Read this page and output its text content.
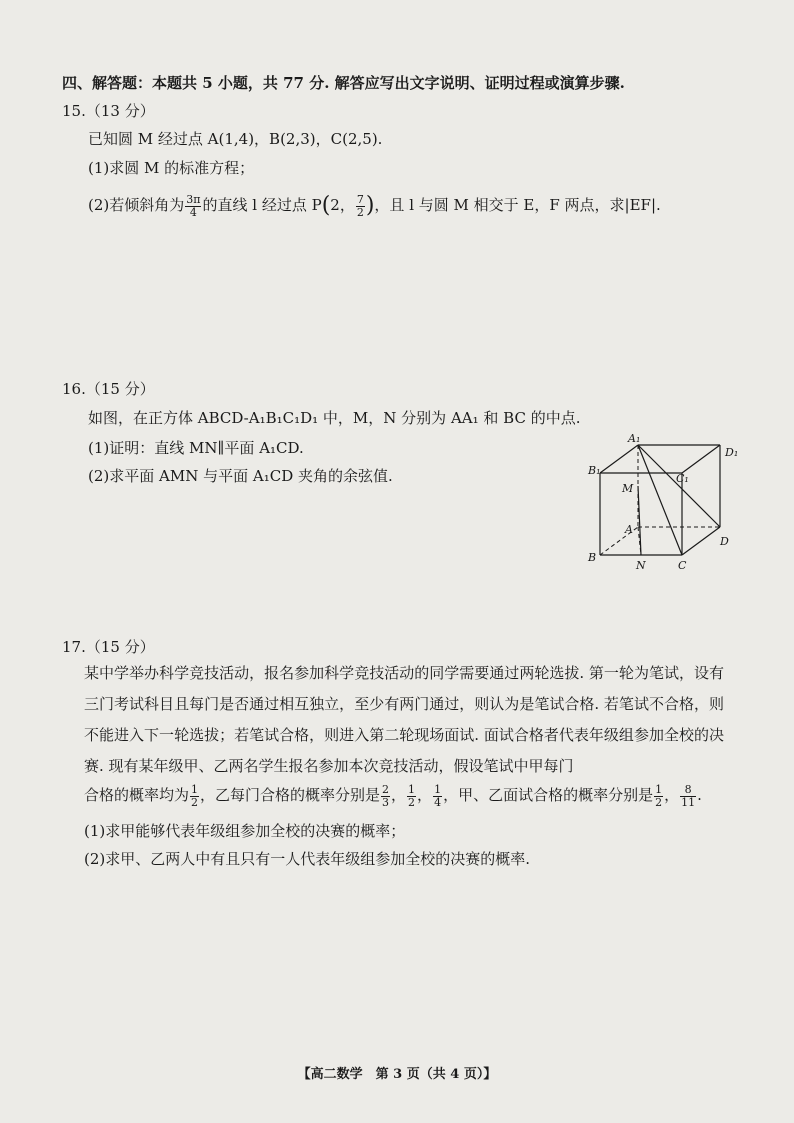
四、解答题：本题共 5 小题，共 77 分. 解答应写出文字说明、证明过程或演算步骤.
15.（13 分）
已知圆 M 经过点 A(1,4)，B(2,3)，C(2,5).
(1)求圆 M 的标准方程；
(2)若倾斜角为 $\frac{3\pi}{4}$ 的直线 l 经过点 P(2， $\frac{7}{2}$ )，且 l 与圆 M 相交于 E，F 两点，求|EF|.
16.（15 分）
如图，在正方体 ABCD-A₁B₁C₁D₁ 中，M，N 分别为 AA₁ 和 BC 的中点.
(1)证明：直线 MN∥平面 A₁CD.
(2)求平面 AMN 与平面 A₁CD 夹角的余弦值.
A₁
D₁
B₁
C₁
M
A
B
N	C
D
17.（15 分）
某中学举办科学竞技活动，报名参加科学竞技活动的同学需要通过两轮选拔. 第一轮为笔试，设有三门考试科目且每门是否通过相互独立，至少有两门通过，则认为是笔试合格. 若笔试不合格，则不能进入下一轮选拔；若笔试合格，则进入第二轮现场面试. 面试合格者代表年级组参加全校的决赛. 现有某年级甲、乙两名学生报名参加本次竞技活动，假设笔试中甲每门
合格的概率均为 $\frac{1}{2}$ ，乙每门合格的概率分别是 $\frac{2}{3}$ ， $\frac{1}{2}$ ， $\frac{1}{4}$ ，甲、乙面试合格的概率分别是 $\frac{1}{2}$ ， $\frac{8}{11}$ .
(1)求甲能够代表年级组参加全校的决赛的概率；
(2)求甲、乙两人中有且只有一人代表年级组参加全校的决赛的概率.
【高二数学　第 3 页（共 4 页）】
